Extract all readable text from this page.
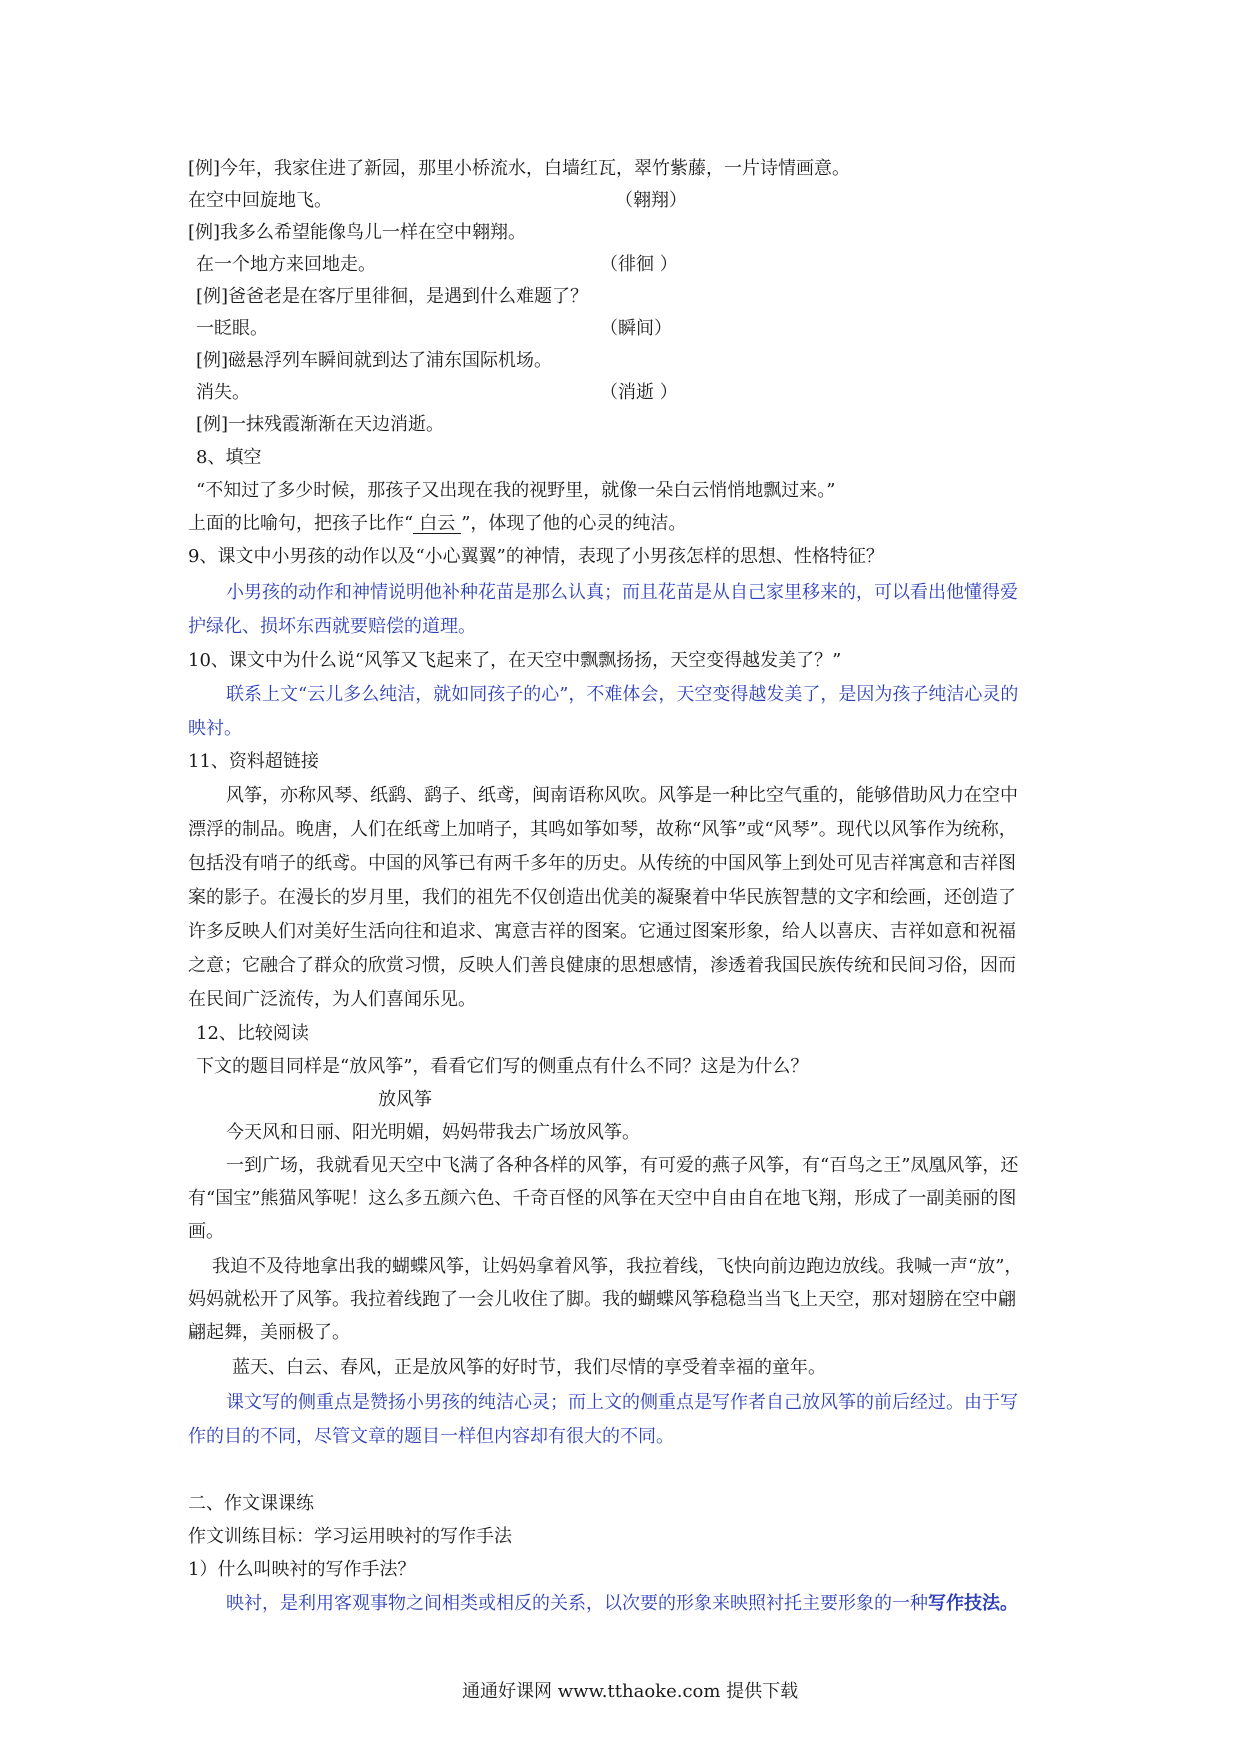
[例]今年，我家住进了新园，那里小桥流水，白墙红瓦，翠竹紫藤，一片诗情画意。
在空中回旋地飞。	（翱翔）
[例]我多么希望能像鸟儿一样在空中翱翔。
在一个地方来回地走。	（徘徊 ）
[例]爸爸老是在客厅里徘徊，是遇到什么难题了？
一眨眼。	（瞬间）
[例]磁悬浮列车瞬间就到达了浦东国际机场。
消失。	（消逝 ）
[例]一抹残霞渐渐在天边消逝。
8、填空
“不知过了多少时候，那孩子又出现在我的视野里，就像一朵白云悄悄地飘过来。”
上面的比喻句，把孩子比作“ 白云 ”，体现了他的心灵的纯洁。
9、课文中小男孩的动作以及“小心翼翼”的神情，表现了小男孩怎样的思想、性格特征？
小男孩的动作和神情说明他补种花苗是那么认真；而且花苗是从自己家里移来的，可以看出他懂得爱
护绿化、损坏东西就要赔偿的道理。
10、课文中为什么说“风筝又飞起来了，在天空中飘飘扬扬，天空变得越发美了？”
联系上文“云儿多么纯洁，就如同孩子的心”，不难体会，天空变得越发美了，是因为孩子纯洁心灵的
映衬。
11、资料超链接
风筝，亦称风琴、纸鹞、鹞子、纸鸢，闽南语称风吹。风筝是一种比空气重的，能够借助风力在空中
漂浮的制品。晚唐，人们在纸鸢上加哨子，其鸣如筝如琴，故称“风筝”或“风琴”。现代以风筝作为统称，
包括没有哨子的纸鸢。中国的风筝已有两千多年的历史。从传统的中国风筝上到处可见吉祥寓意和吉祥图
案的影子。在漫长的岁月里，我们的祖先不仅创造出优美的凝聚着中华民族智慧的文字和绘画，还创造了
许多反映人们对美好生活向往和追求、寓意吉祥的图案。它通过图案形象，给人以喜庆、吉祥如意和祝福
之意；它融合了群众的欣赏习惯，反映人们善良健康的思想感情，渗透着我国民族传统和民间习俗，因而
在民间广泛流传，为人们喜闻乐见。
12、比较阅读
下文的题目同样是“放风筝”，看看它们写的侧重点有什么不同？这是为什么？
放风筝
今天风和日丽、阳光明媚，妈妈带我去广场放风筝。
一到广场，我就看见天空中飞满了各种各样的风筝，有可爱的燕子风筝，有“百鸟之王”凤凰风筝，还
有“国宝”熊猫风筝呢！这么多五颜六色、千奇百怪的风筝在天空中自由自在地飞翔，形成了一副美丽的图
画。
我迫不及待地拿出我的蝴蝶风筝，让妈妈拿着风筝，我拉着线，飞快向前边跑边放线。我喊一声“放”，
妈妈就松开了风筝。我拉着线跑了一会儿收住了脚。我的蝴蝶风筝稳稳当当飞上天空，那对翅膀在空中翩
翩起舞，美丽极了。
蓝天、白云、春风，正是放风筝的好时节，我们尽情的享受着幸福的童年。
课文写的侧重点是赞扬小男孩的纯洁心灵；而上文的侧重点是写作者自己放风筝的前后经过。由于写
作的目的不同，尽管文章的题目一样但内容却有很大的不同。
二、作文课课练
作文训练目标：学习运用映衬的写作手法
1）什么叫映衬的写作手法？
映衬，是利用客观事物之间相类或相反的关系，以次要的形象来映照衬托主要形象的一种写作技法。
通通好课网 www.tthaoke.com 提供下载
